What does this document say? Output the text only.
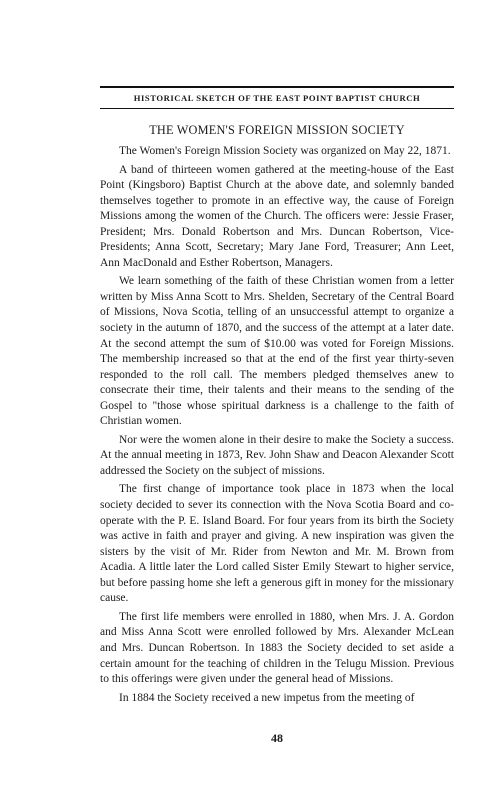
HISTORICAL SKETCH OF THE EAST POINT BAPTIST CHURCH
THE WOMEN'S FOREIGN MISSION SOCIETY

The Women's Foreign Mission Society was organized on May 22, 1871.

A band of thirteeen women gathered at the meeting-house of the East Point (Kingsboro) Baptist Church at the above date, and solemnly banded themselves together to promote in an effective way, the cause of Foreign Missions among the women of the Church. The officers were: Jessie Fraser, President; Mrs. Donald Robertson and Mrs. Duncan Robertson, Vice-Presidents; Anna Scott, Secretary; Mary Jane Ford, Treasurer; Ann Leet, Ann MacDonald and Esther Robertson, Managers.

We learn something of the faith of these Christian women from a letter written by Miss Anna Scott to Mrs. Shelden, Secretary of the Central Board of Missions, Nova Scotia, telling of an unsuccessful attempt to organize a society in the autumn of 1870, and the success of the attempt at a later date. At the second attempt the sum of $10.00 was voted for Foreign Missions. The membership increased so that at the end of the first year thirty-seven responded to the roll call. The members pledged themselves anew to consecrate their time, their talents and their means to the sending of the Gospel to "those whose spiritual darkness is a challenge to the faith of Christian women.

Nor were the women alone in their desire to make the Society a success. At the annual meeting in 1873, Rev. John Shaw and Deacon Alexander Scott addressed the Society on the subject of missions.

The first change of importance took place in 1873 when the local society decided to sever its connection with the Nova Scotia Board and co-operate with the P. E. Island Board. For four years from its birth the Society was active in faith and prayer and giving. A new inspiration was given the sisters by the visit of Mr. Rider from Newton and Mr. M. Brown from Acadia. A little later the Lord called Sister Emily Stewart to higher service, but before passing home she left a generous gift in money for the missionary cause.

The first life members were enrolled in 1880, when Mrs. J. A. Gordon and Miss Anna Scott were enrolled followed by Mrs. Alexander McLean and Mrs. Duncan Robertson. In 1883 the Society decided to set aside a certain amount for the teaching of children in the Telugu Mission. Previous to this offerings were given under the general head of Missions.

In 1884 the Society received a new impetus from the meeting of

48
